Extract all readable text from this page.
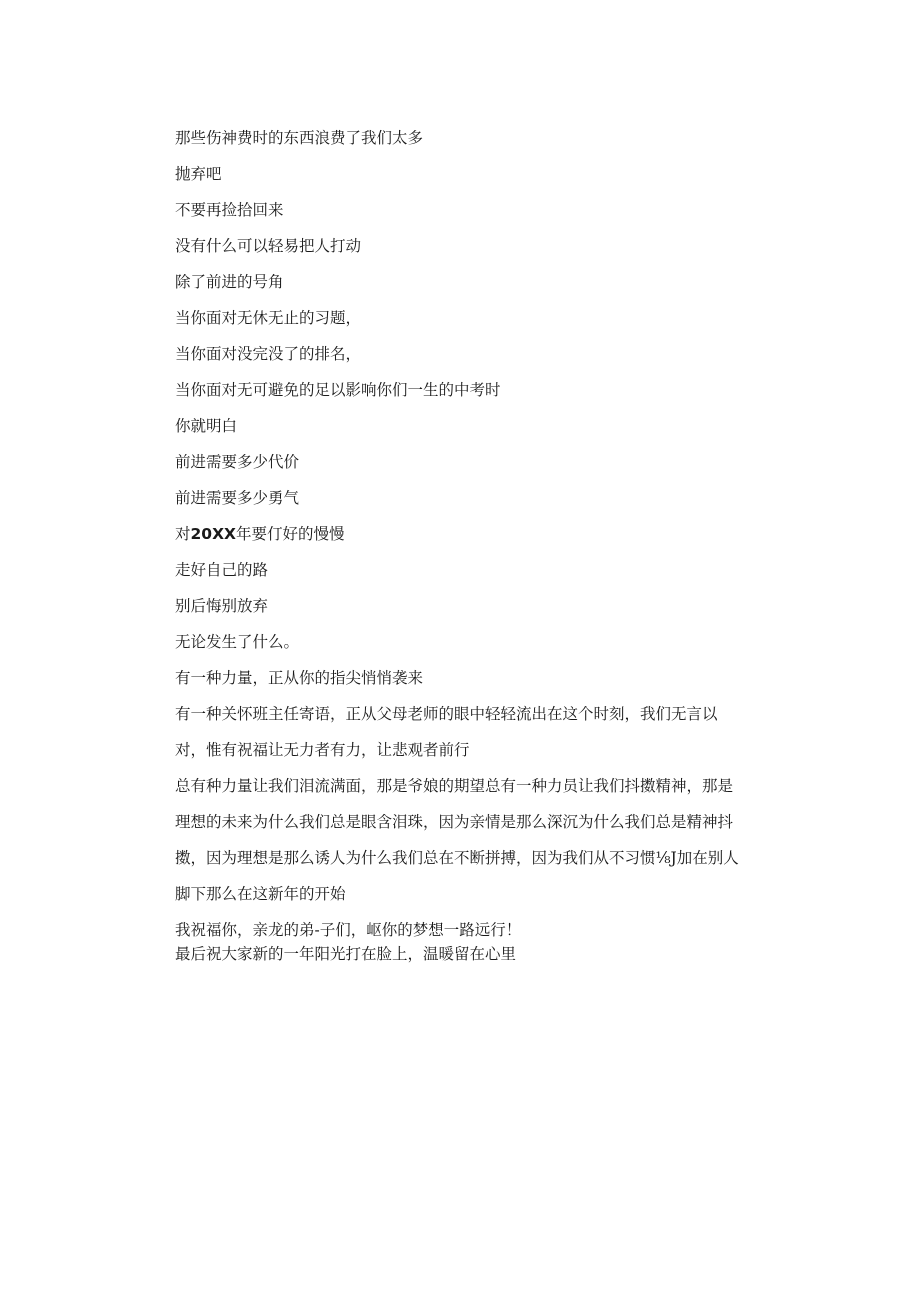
那些伤神费时的东西浪费了我们太多

抛弃吧

不要再捡拾回来

没有什么可以轻易把人打动

除了前进的号角

当你面对无休无止的习题，

当你面对没完没了的排名，

当你面对无可避免的足以影响你们一生的中考时

你就明白

前进需要多少代价

前进需要多少勇气

对20XX年要仃好的慢慢

走好自己的路

别后悔别放弃

无论发生了什么。

有一种力量，正从你的指尖悄悄袭来

有一种关怀班主任寄语，正从父母老师的眼中轻轻流出在这个时刻，我们无言以
对，惟有祝福让无力者有力，让悲观者前行

总有种力量让我们泪流满面，那是爷娘的期望总有一种力员让我们抖擞精神，那是
理想的未来为什么我们总是眼含泪珠，因为亲情是那么深沉为什么我们总是精神抖
擞，因为理想是那么诱人为什么我们总在不断拼搏，因为我们从不习惯⅛J加在别人
脚下那么在这新年的开始

我祝福你，亲龙的弟-子们，岖你的梦想一路远行！

最后祝大家新的一年阳光打在脸上，温暖留在心里
